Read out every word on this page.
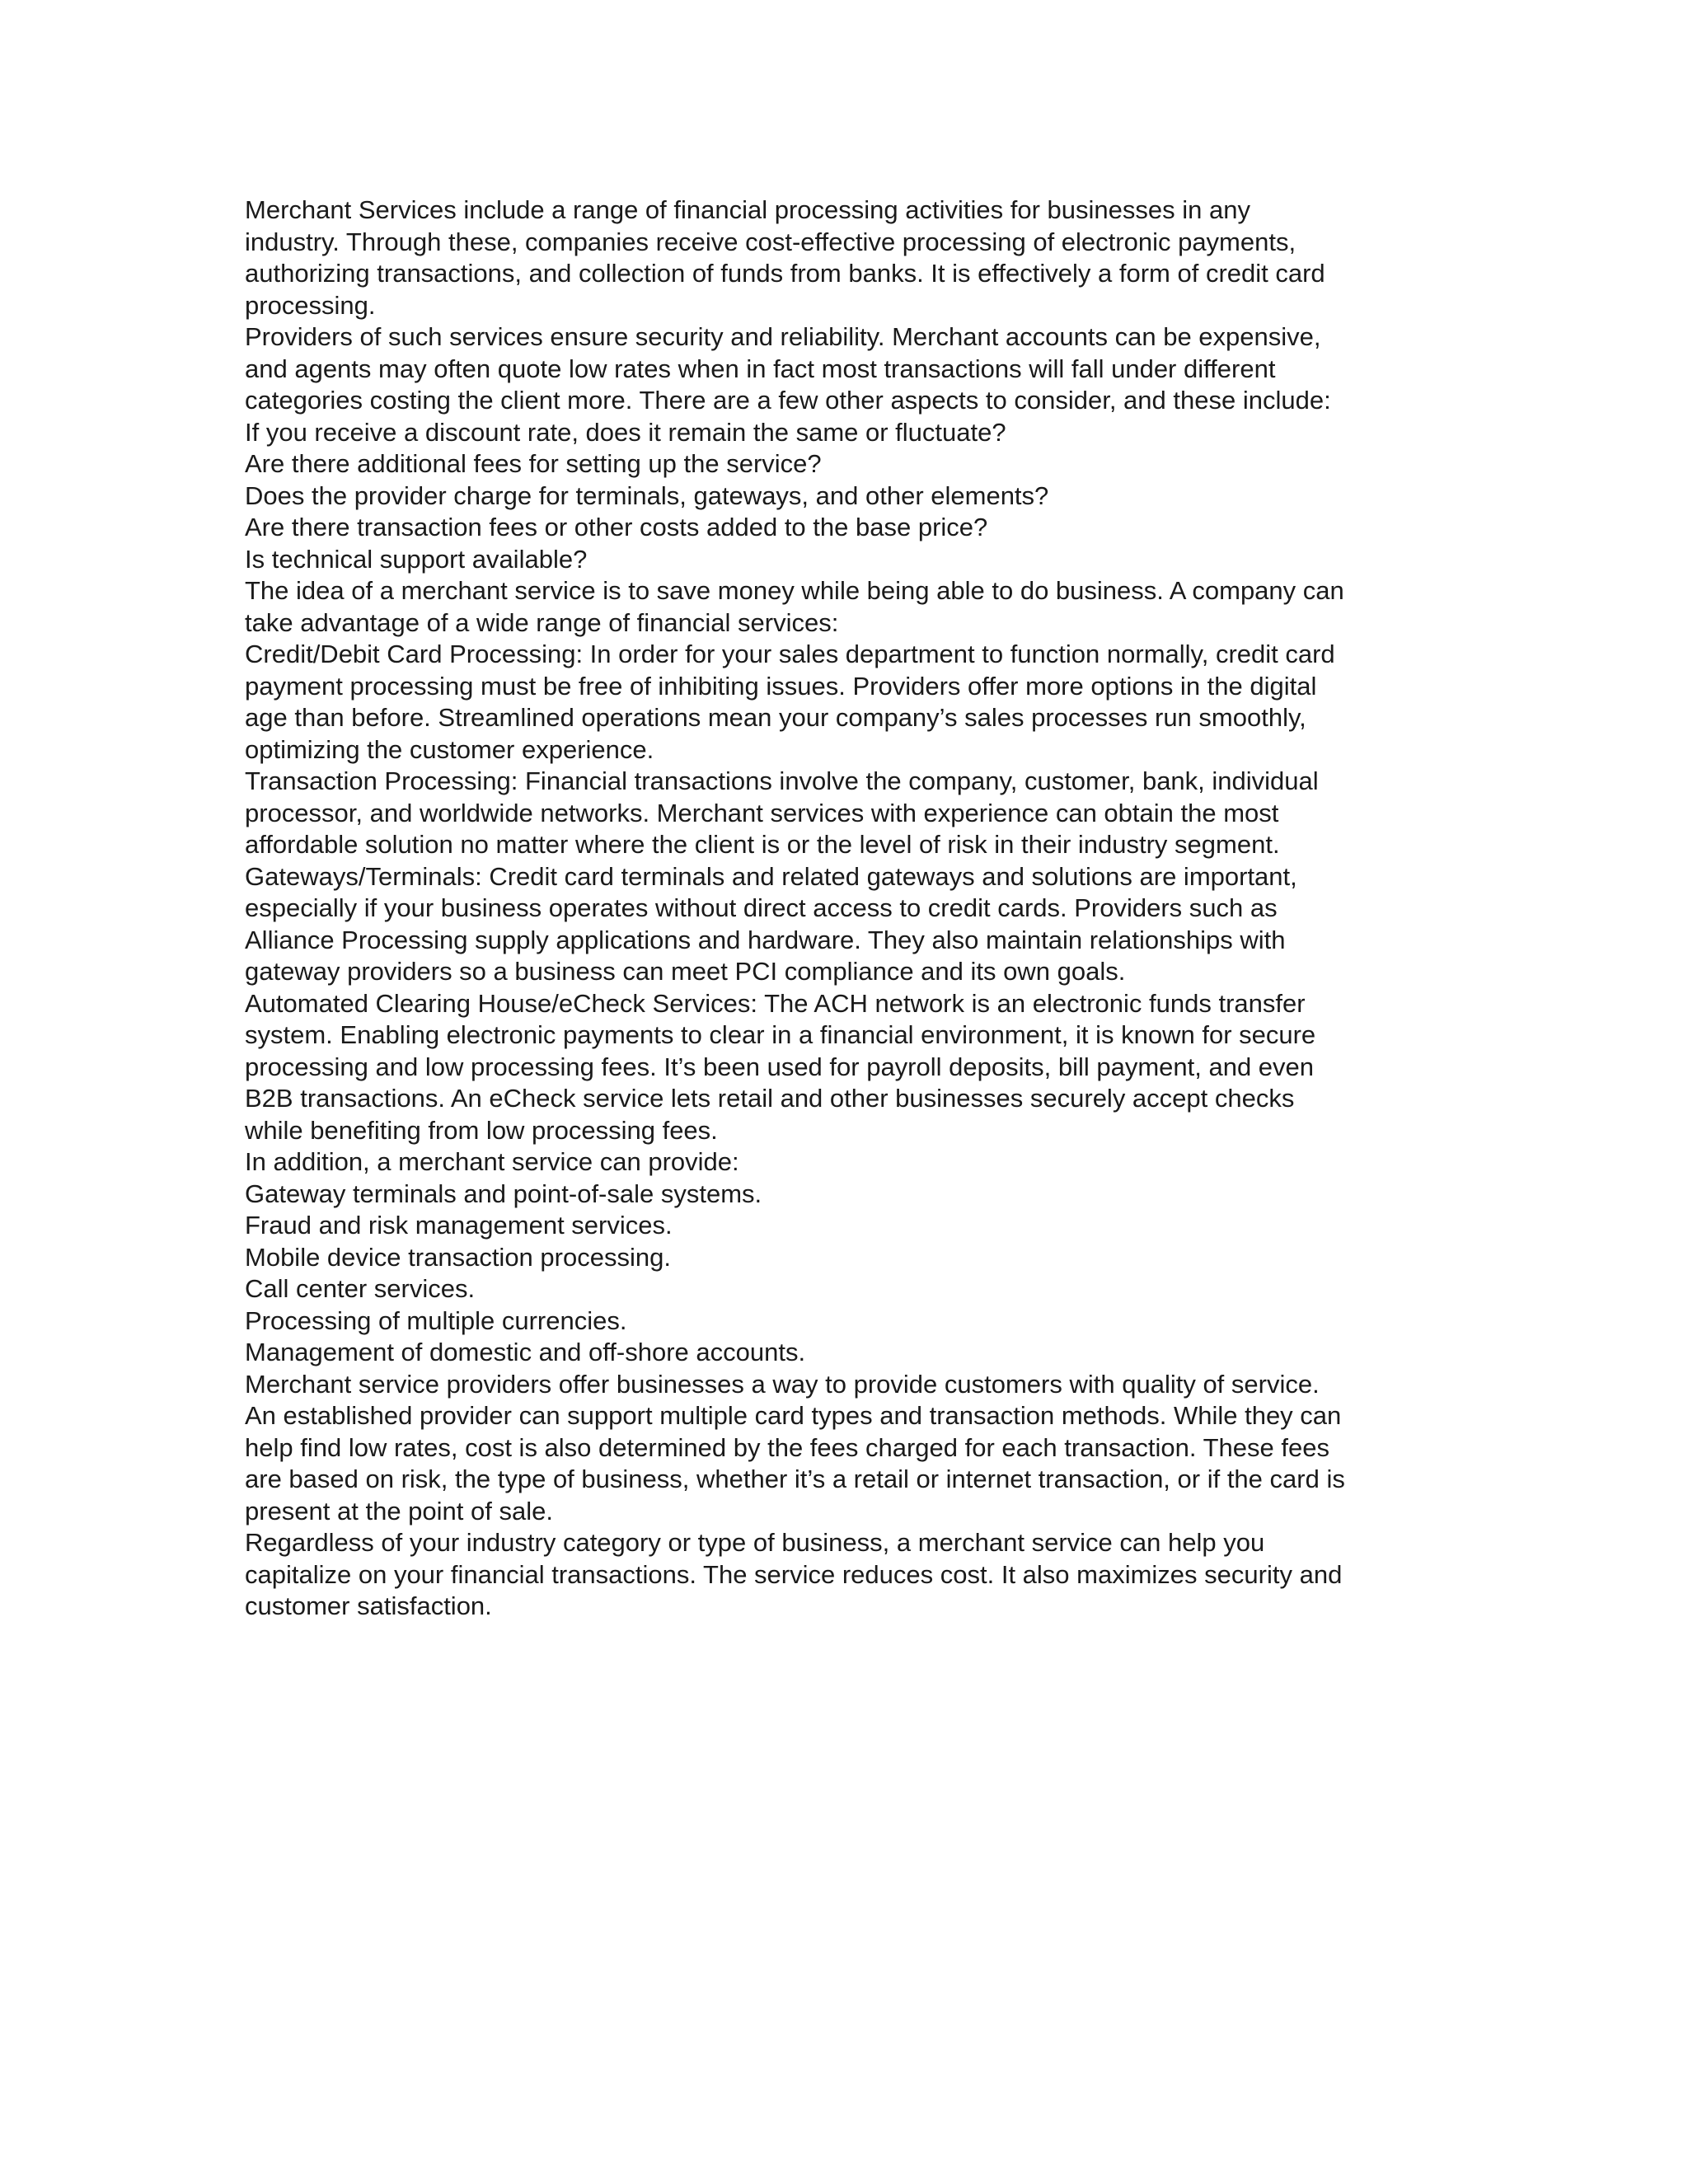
Merchant Services include a range of financial processing activities for businesses in any
industry. Through these, companies receive cost-effective processing of electronic payments,
authorizing transactions, and collection of funds from banks. It is effectively a form of credit card
processing.
Providers of such services ensure security and reliability. Merchant accounts can be expensive,
and agents may often quote low rates when in fact most transactions will fall under different
categories costing the client more. There are a few other aspects to consider, and these include:
If you receive a discount rate, does it remain the same or fluctuate?
Are there additional fees for setting up the service?
Does the provider charge for terminals, gateways, and other elements?
Are there transaction fees or other costs added to the base price?
Is technical support available?
The idea of a merchant service is to save money while being able to do business. A company can
take advantage of a wide range of financial services:
Credit/Debit Card Processing: In order for your sales department to function normally, credit card
payment processing must be free of inhibiting issues. Providers offer more options in the digital
age than before. Streamlined operations mean your company’s sales processes run smoothly,
optimizing the customer experience.
Transaction Processing: Financial transactions involve the company, customer, bank, individual
processor, and worldwide networks. Merchant services with experience can obtain the most
affordable solution no matter where the client is or the level of risk in their industry segment.
Gateways/Terminals: Credit card terminals and related gateways and solutions are important,
especially if your business operates without direct access to credit cards. Providers such as
Alliance Processing supply applications and hardware. They also maintain relationships with
gateway providers so a business can meet PCI compliance and its own goals.
Automated Clearing House/eCheck Services: The ACH network is an electronic funds transfer
system. Enabling electronic payments to clear in a financial environment, it is known for secure
processing and low processing fees. It’s been used for payroll deposits, bill payment, and even
B2B transactions. An eCheck service lets retail and other businesses securely accept checks
while benefiting from low processing fees.
In addition, a merchant service can provide:
Gateway terminals and point-of-sale systems.
Fraud and risk management services.
Mobile device transaction processing.
Call center services.
Processing of multiple currencies.
Management of domestic and off-shore accounts.
Merchant service providers offer businesses a way to provide customers with quality of service.
An established provider can support multiple card types and transaction methods. While they can
help find low rates, cost is also determined by the fees charged for each transaction. These fees
are based on risk, the type of business, whether it’s a retail or internet transaction, or if the card is
present at the point of sale.
Regardless of your industry category or type of business, a merchant service can help you
capitalize on your financial transactions. The service reduces cost. It also maximizes security and
customer satisfaction.
